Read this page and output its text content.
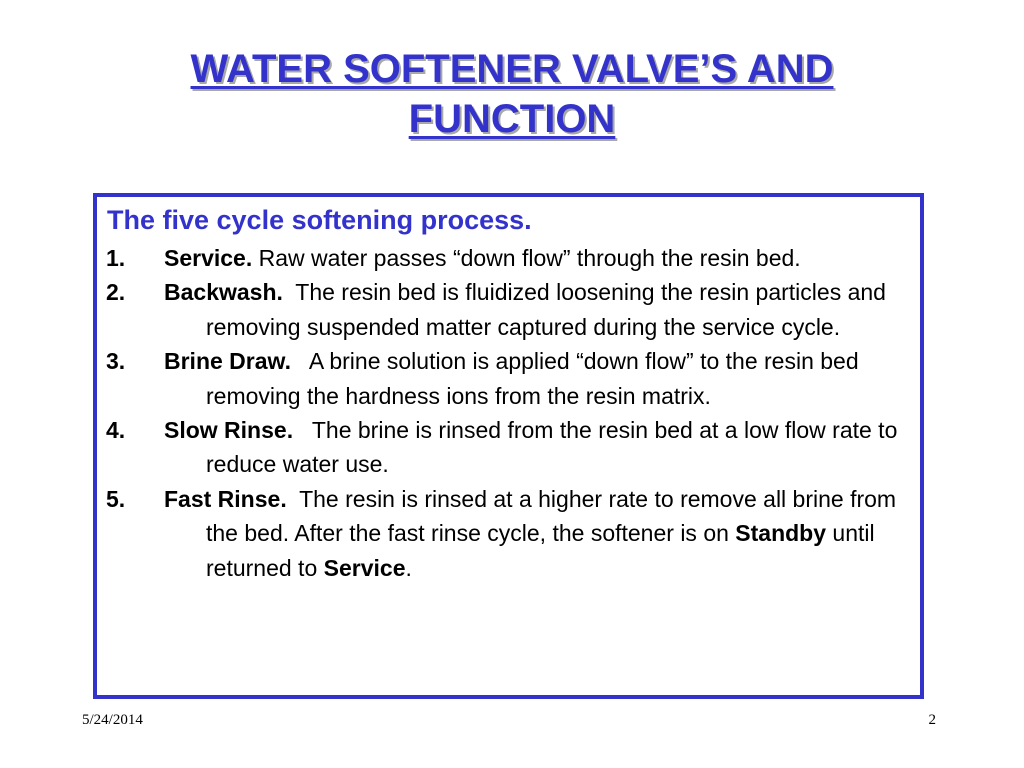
WATER SOFTENER VALVE’S AND FUNCTION
The five cycle softening process.
1. Service. Raw water passes “down flow” through the resin bed.
2. Backwash. The resin bed is fluidized loosening the resin particles and removing suspended matter captured during the service cycle.
3. Brine Draw. A brine solution is applied “down flow” to the resin bed removing the hardness ions from the resin matrix.
4. Slow Rinse. The brine is rinsed from the resin bed at a low flow rate to reduce water use.
5. Fast Rinse. The resin is rinsed at a higher rate to remove all brine from the bed. After the fast rinse cycle, the softener is on Standby until returned to Service.
5/24/2014	2
